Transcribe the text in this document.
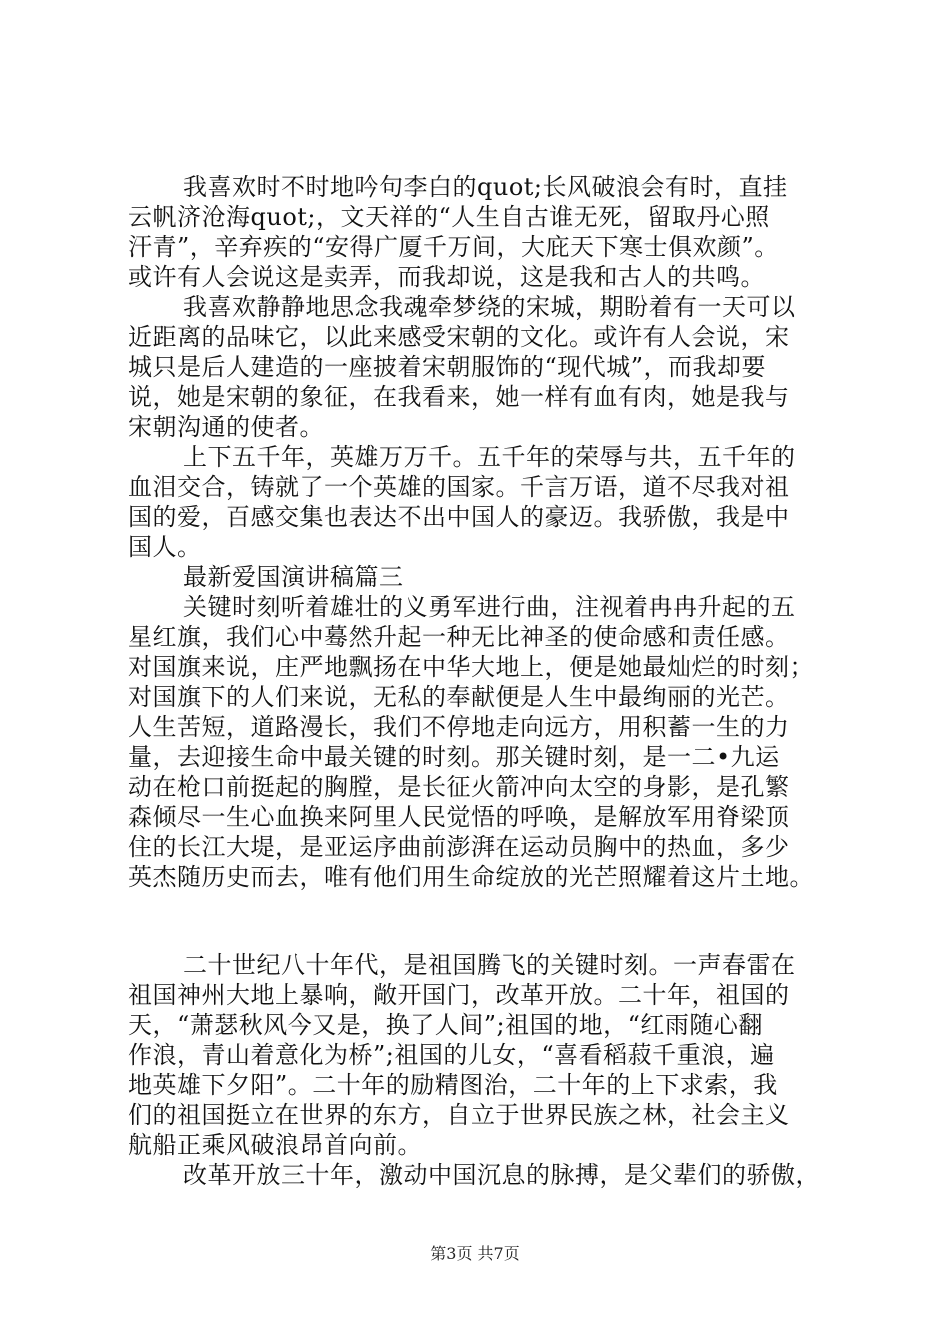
我喜欢时不时地吟句李白的quot;长风破浪会有时，直挂
云帆济沧海quot;，文天祥的“人生自古谁无死，留取丹心照
汗青”，辛弃疾的“安得广厦千万间，大庇天下寒士俱欢颜”。
或许有人会说这是卖弄，而我却说，这是我和古人的共鸣。
我喜欢静静地思念我魂牵梦绕的宋城，期盼着有一天可以
近距离的品味它，以此来感受宋朝的文化。或许有人会说，宋
城只是后人建造的一座披着宋朝服饰的“现代城”，而我却要
说，她是宋朝的象征，在我看来，她一样有血有肉，她是我与
宋朝沟通的使者。
上下五千年，英雄万万千。五千年的荣辱与共，五千年的
血泪交合，铸就了一个英雄的国家。千言万语，道不尽我对祖
国的爱，百感交集也表达不出中国人的豪迈。我骄傲，我是中
国人。
最新爱国演讲稿篇三
关键时刻听着雄壮的义勇军进行曲，注视着冉冉升起的五
星红旗，我们心中蓦然升起一种无比神圣的使命感和责任感。
对国旗来说，庄严地飘扬在中华大地上，便是她最灿烂的时刻；
对国旗下的人们来说，无私的奉献便是人生中最绚丽的光芒。
人生苦短，道路漫长，我们不停地走向远方，用积蓄一生的力
量，去迎接生命中最关键的时刻。那关键时刻，是一二•九运
动在枪口前挺起的胸膛，是长征火箭冲向太空的身影，是孔繁
森倾尽一生心血换来阿里人民觉悟的呼唤，是解放军用脊梁顶
住的长江大堤，是亚运序曲前澎湃在运动员胸中的热血，多少
英杰随历史而去，唯有他们用生命绽放的光芒照耀着这片土地。
二十世纪八十年代，是祖国腾飞的关键时刻。一声春雷在
祖国神州大地上暴响，敞开国门，改革开放。二十年，祖国的
天，“萧瑟秋风今又是，换了人间”;祖国的地，“红雨随心翻
作浪，青山着意化为桥”;祖国的儿女，“喜看稻菽千重浪，遍
地英雄下夕阳”。二十年的励精图治，二十年的上下求索，我
们的祖国挺立在世界的东方，自立于世界民族之林，社会主义
航船正乘风破浪昂首向前。
改革开放三十年，激动中国沉息的脉搏，是父辈们的骄傲，
第3页 共7页
